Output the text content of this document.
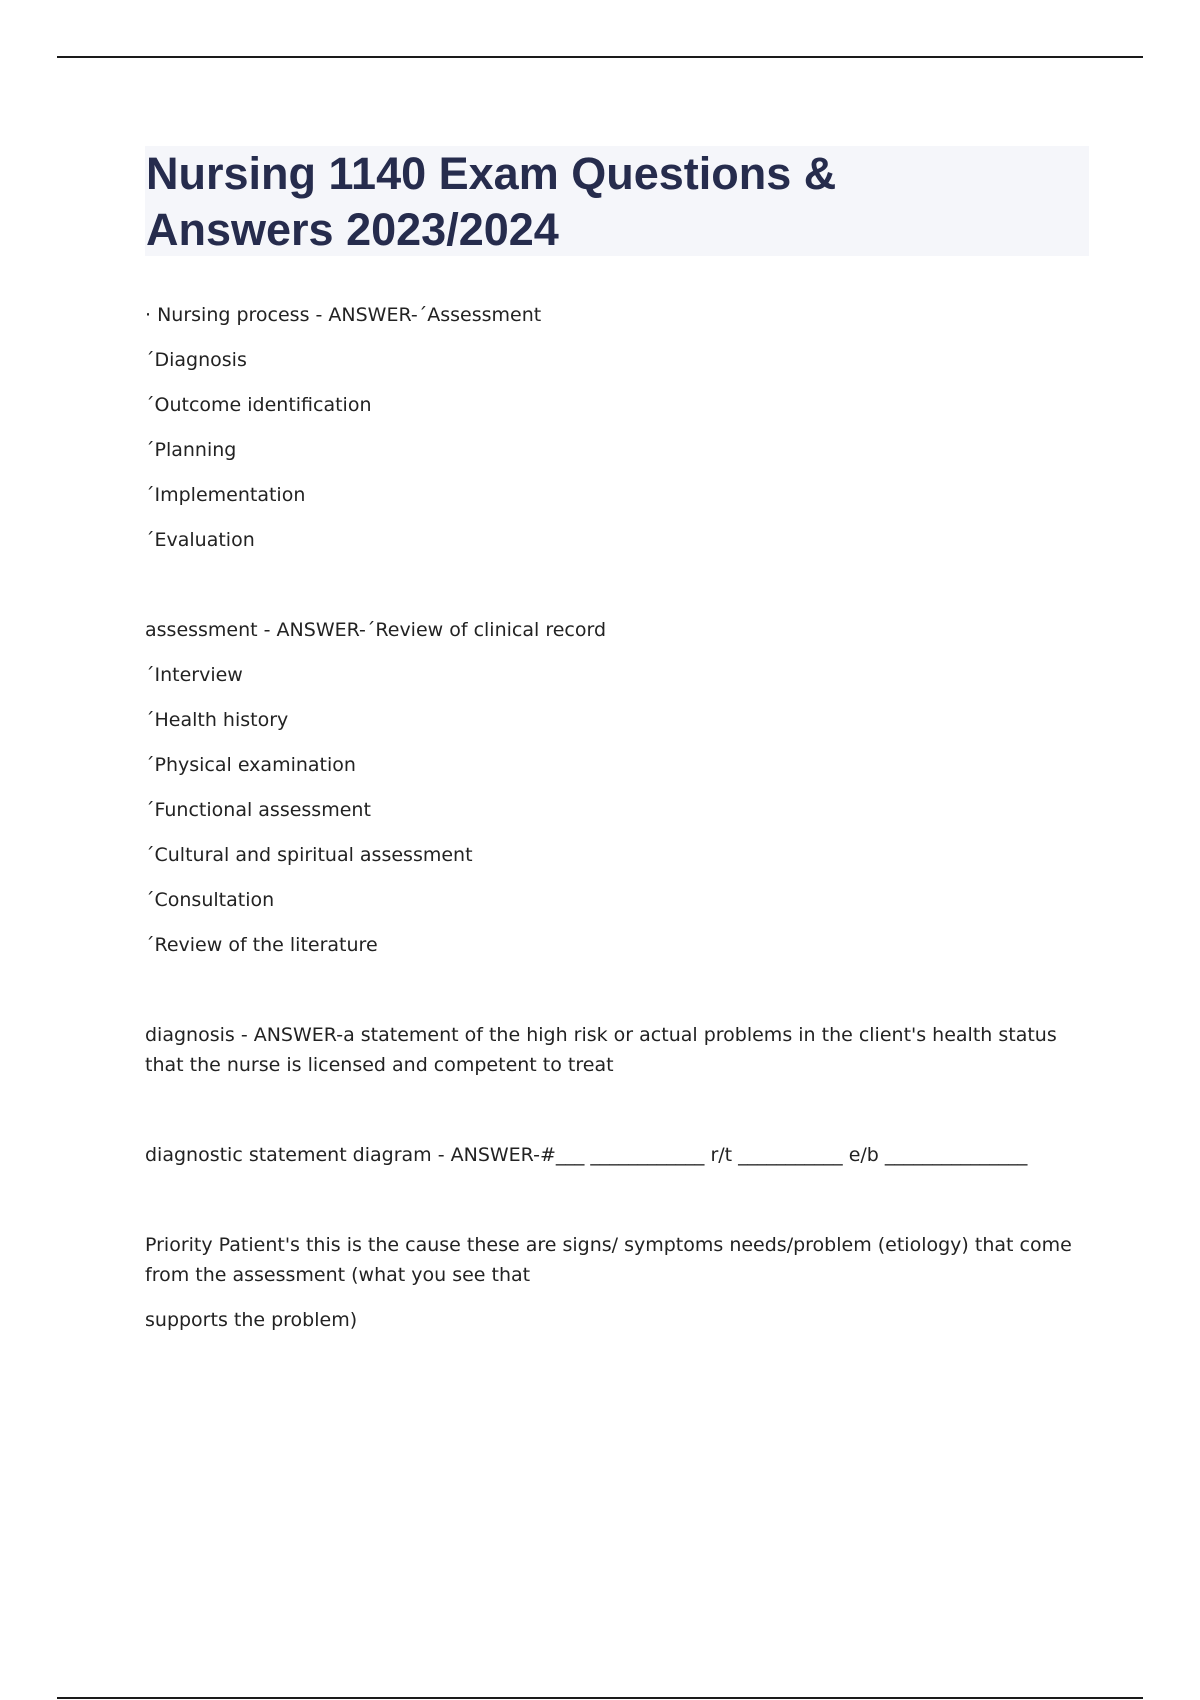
Nursing 1140 Exam Questions &
Answers 2023/2024
· Nursing process - ANSWER-´Assessment
´Diagnosis
´Outcome identification
´Planning
´Implementation
´Evaluation
assessment - ANSWER-´Review of clinical record
´Interview
´Health history
´Physical examination
´Functional assessment
´Cultural and spiritual assessment
´Consultation
´Review of the literature
diagnosis - ANSWER-a statement of the high risk or actual problems in the client's health status that the nurse is licensed and competent to treat
diagnostic statement diagram - ANSWER-#___ ____________ r/t ___________ e/b _______________
Priority Patient's this is the cause these are signs/ symptoms needs/problem (etiology) that come from the assessment (what you see that
supports the problem)
